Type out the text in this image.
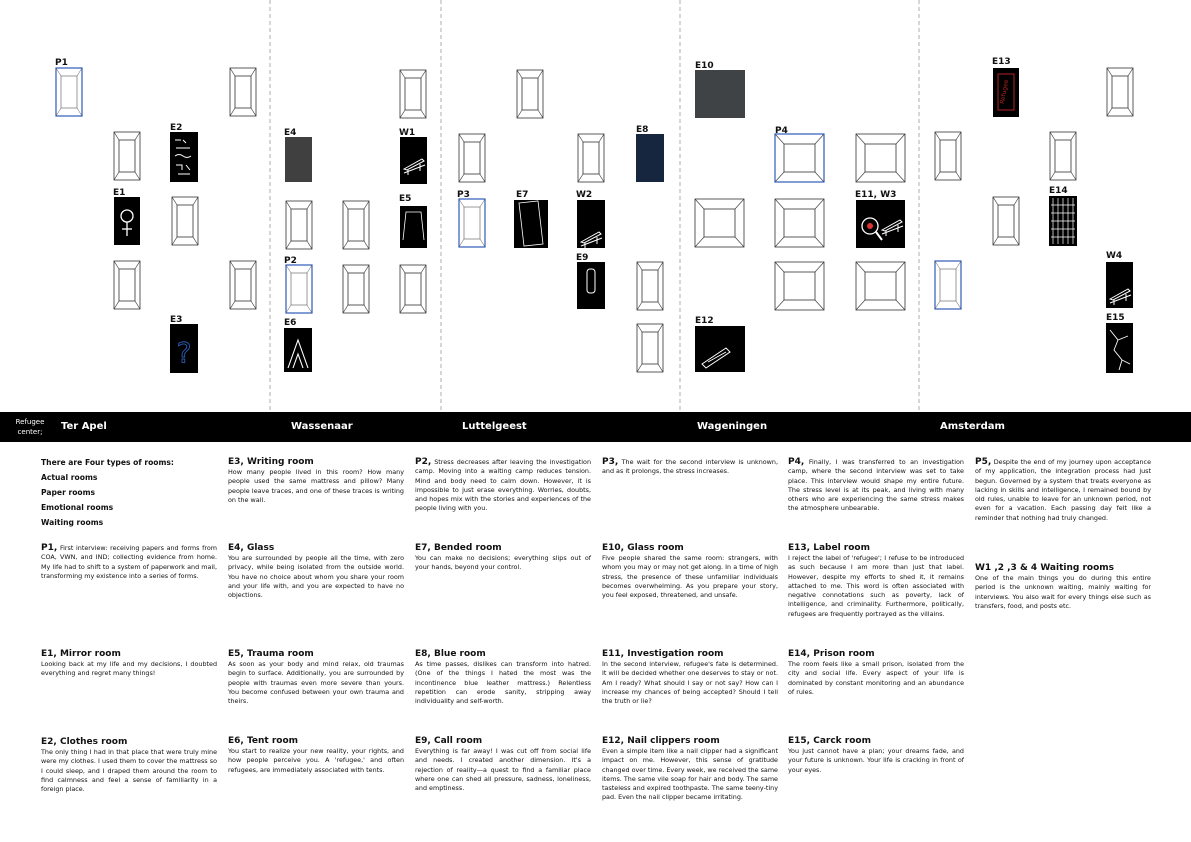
?
Refugee
P1
E2
E1
E3
E4	W1
E5
P2
E6
E8
P3	E7	W2
E9
E10
P4
E11, W3
E12
E13
E14
W4
E15
Refugee center;	Ter Apel	Wassenaar	Luttelgeest	Wageningen	Amsterdam
There are Four types of rooms:
Actual rooms
Paper rooms
Emotional rooms
Waiting rooms

P1, First interview: receiving papers and forms from COA, VWN, and IND; collecting evidence from home. My life had to shift to a system of paperwork and mail, transforming my existence into a series of forms.

E1, Mirror room

Looking back at my life and my decisions, I doubted everything and regret many things!

E2, Clothes room

The only thing I had in that place that were truly mine were my clothes. I used them to cover the mattress so I could sleep, and I draped them around the room to find calmness and feel a sense of familiarity in a foreign place.

E3, Writing room

How many people lived in this room? How many people used the same mattress and pillow? Many people leave traces, and one of these traces is writing on the wall.

E4, Glass

You are surrounded by people all the time, with zero privacy, while being isolated from the outside world. You have no choice about whom you share your room and your life with, and you are expected to have no objections.

E5, Trauma room

As soon as your body and mind relax, old traumas begin to surface. Additionally, you are surrounded by people with traumas even more severe than yours. You become confused between your own trauma and theirs.

E6, Tent room

You start to realize your new reality, your rights, and how people perceive you. A 'refugee,' and often refugees, are immediately associated with tents.

P2, Stress decreases after leaving the investigation camp. Moving into a waiting camp reduces tension. Mind and body need to calm down. However, it is impossible to just erase everything. Worries, doubts, and hopes mix with the stories and experiences of the people living with you.

E7, Bended room

You can make no decisions; everything slips out of your hands, beyond your control.

E8, Blue room

As time passes, dislikes can transform into hatred. (One of the things I hated the most was the incontinence blue leather mattress.) Relentless repetition can erode sanity, stripping away individuality and self-worth.

E9, Call room

Everything is far away! I was cut off from social life and needs. I created another dimension. It's a rejection of reality—a quest to find a familiar place where one can shed all pressure, sadness, loneliness, and emptiness.

P3, The wait for the second interview is unknown, and as it prolongs, the stress increases.

E10, Glass room

Five people shared the same room: strangers, with whom you may or may not get along. In a time of high stress, the presence of these unfamiliar individuals becomes overwhelming. As you prepare your story, you feel exposed, threatened, and unsafe.

E11, Investigation room

In the second interview, refugee's fate is determined. It will be decided whether one deserves to stay or not. Am I ready? What should I say or not say? How can I increase my chances of being accepted? Should I tell the truth or lie?

E12, Nail clippers room

Even a simple item like a nail clipper had a significant impact on me. However, this sense of gratitude changed over time. Every week, we received the same items. The same vile soap for hair and body. The same tasteless and expired toothpaste. The same teeny-tiny pad. Even the nail clipper became irritating.

P4, Finally, I was transferred to an investigation camp, where the second interview was set to take place. This interview would shape my entire future. The stress level is at its peak, and living with many others who are experiencing the same stress makes the atmosphere unbearable.

E13, Label room

I reject the label of 'refugee'; I refuse to be introduced as such because I am more than just that label. However, despite my efforts to shed it, it remains attached to me. This word is often associated with negative connotations such as poverty, lack of intelligence, and criminality. Furthermore, politically, refugees are frequently portrayed as the villains.

E14, Prison room

The room feels like a small prison, isolated from the city and social life. Every aspect of your life is dominated by constant monitoring and an abundance of rules.

E15, Carck room

You just cannot have a plan; your dreams fade, and your future is unknown. Your life is cracking in front of your eyes.

P5, Despite the end of my journey upon acceptance of my application, the integration process had just begun. Governed by a system that treats everyone as lacking in skills and intelligence, I remained bound by old rules, unable to leave for an unknown period, not even for a vacation. Each passing day felt like a reminder that nothing had truly changed.

W1 ,2 ,3 & 4 Waiting rooms

One of the main things you do during this entire period is the unknown waiting, mainly waiting for interviews. You also wait for every things else such as transfers, food, and posts etc.
